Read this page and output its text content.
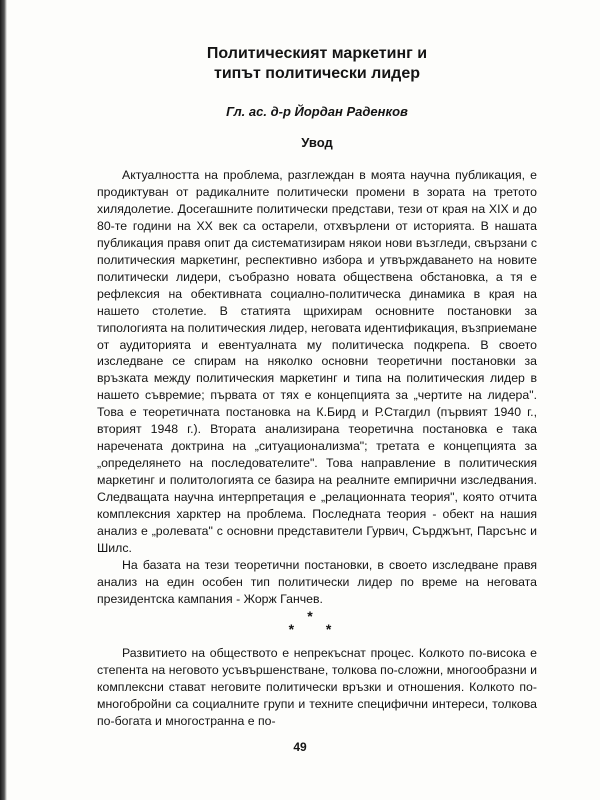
Политическият маркетинг и
типът политически лидер

Гл. ас. д-р Йордан Раденков

Увод

Актуалността на проблема, разглеждан в моята научна публикация, е продиктуван от радикалните политически промени в зората на третото хилядолетие. Досегашните политически представи, тези от края на XIX и до 80-те години на XX век са остарели, отхвърлени от историята. В нашата публикация правя опит да систематизирам някои нови възгледи, свързани с политическия маркетинг, респективно избора и утвърждаването на новите политически лидери, съобразно новата обществена обстановка, а тя е рефлексия на обективната социално-политическа динамика в края на нашето столетие. В статията щрихирам основните постановки за типологията на политическия лидер, неговата идентификация, възприемане от аудиторията и евентуалната му политическа подкрепа. В своето изследване се спирам на няколко основни теоретични постановки за връзката между политическия маркетинг и типа на политическия лидер в нашето съвремие; първата от тях е концепцията за „чертите на лидера". Това е теоретичната постановка на К.Бирд и Р.Стагдил (първият 1940 г., вторият 1948 г.). Втората анализирана теоретична постановка е така наречената доктрина на „ситуационализма"; третата е концепцията за „определянето на последователите". Това направление в политическия маркетинг и политологията се базира на реалните емпирични изследвания. Следващата научна интерпретация е „релационната теория", която отчита комплексния харктер на проблема. Последната теория - обект на нашия анализ е „ролевата" с основни представители Гурвич, Сърджънт, Парсънс и Шилс.

На базата на тези теоретични постановки, в своето изследване правя анализ на един особен тип политически лидер по време на неговата президентска кампания - Жорж Ганчев.

*
* *

Развитието на обществото е непрекъснат процес. Колкото по-висока е степента на неговото усъвършенстване, толкова по-сложни, многообразни и комплексни стават неговите политически връзки и отношения. Колкото по-многобройни са социалните групи и техните специфични интереси, толкова по-богата и многостранна е по-

49
